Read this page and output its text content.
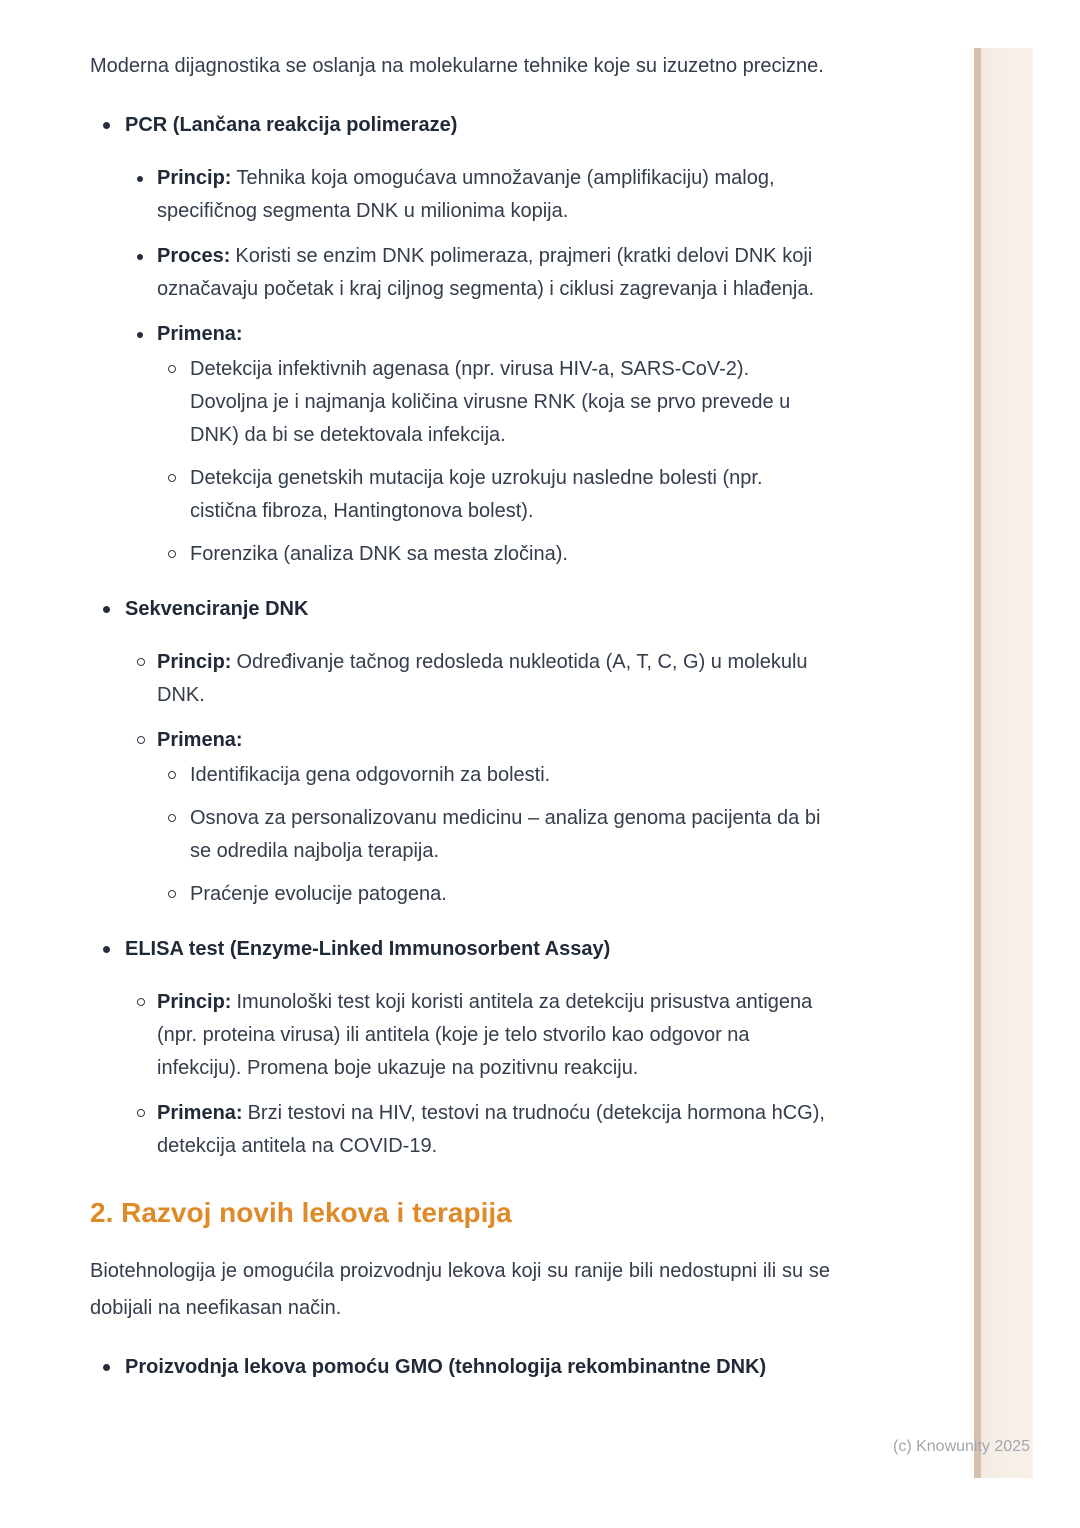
Moderna dijagnostika se oslanja na molekularne tehnike koje su izuzetno precizne.

PCR (Lančana reakcija polimeraze)
Princip: Tehnika koja omogućava umnožavanje (amplifikaciju) malog, specifičnog segmenta DNK u milionima kopija.
Proces: Koristi se enzim DNK polimeraza, prajmeri (kratki delovi DNK koji označavaju početak i kraj ciljnog segmenta) i ciklusi zagrevanja i hlađenja.
Primena:
Detekcija infektivnih agenasa (npr. virusa HIV-a, SARS-CoV-2). Dovoljna je i najmanja količina virusne RNK (koja se prvo prevede u DNK) da bi se detektovala infekcija.
Detekcija genetskih mutacija koje uzrokuju nasledne bolesti (npr. cistična fibroza, Hantingtonova bolest).
Forenzika (analiza DNK sa mesta zločina).
Sekvenciranje DNK
Princip: Određivanje tačnog redosleda nukleotida (A, T, C, G) u molekulu DNK.
Primena:
Identifikacija gena odgovornih za bolesti.
Osnova za personalizovanu medicinu – analiza genoma pacijenta da bi se odredila najbolja terapija.
Praćenje evolucije patogena.
ELISA test (Enzyme-Linked Immunosorbent Assay)
Princip: Imunološki test koji koristi antitela za detekciju prisustva antigena (npr. proteina virusa) ili antitela (koje je telo stvorilo kao odgovor na infekciju). Promena boje ukazuje na pozitivnu reakciju.
Primena: Brzi testovi na HIV, testovi na trudnoću (detekcija hormona hCG), detekcija antitela na COVID-19.
2. Razvoj novih lekova i terapija

Biotehnologija je omogućila proizvodnju lekova koji su ranije bili nedostupni ili su se dobijali na neefikasan način.

Proizvodnja lekova pomoću GMO (tehnologija rekombinantne DNK)
(c) Knowunity 2025
